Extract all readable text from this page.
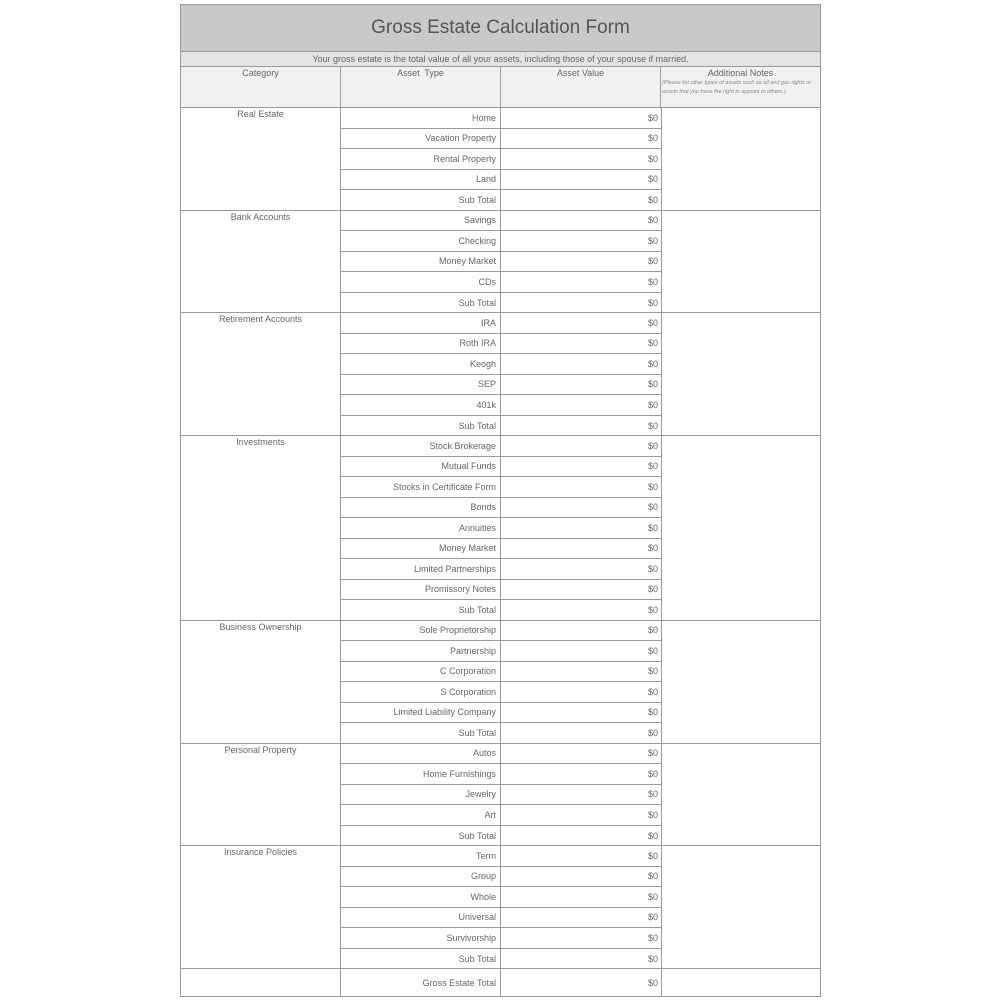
Gross Estate Calculation Form
Your gross estate is the total value of all your assets, including those of your spouse if married.
Category	Asset  Type	Asset Value	Additional Notes
(Please list other types of assets such as oil and gas rights or assets that you have the right to appoint to others.)
Real Estate	Home	$0
Vacation Property	$0
Rental Property	$0
Land	$0
Sub Total	$0
Bank Accounts	Savings	$0
Checking	$0
Money Market	$0
CDs	$0
Sub Total	$0
Retirement Accounts	IRA	$0
Roth IRA	$0
Keogh	$0
SEP	$0
401k	$0
Sub Total	$0
Investments	Stock Brokerage	$0
Mutual Funds	$0
Stocks in Certificate Form	$0
Bonds	$0
Annuities	$0
Money Market	$0
Limited Partnerships	$0
Promissory Notes	$0
Sub Total	$0
Business Ownership	Sole Proprietorship	$0
Partnership	$0
C Corporation	$0
S Corporation	$0
Limited Liability Company	$0
Sub Total	$0
Personal Property	Autos	$0
Home Furnishings	$0
Jewelry	$0
Art	$0
Sub Total	$0
Insurance Policies	Term	$0
Group	$0
Whole	$0
Universal	$0
Survivorship	$0
Sub Total	$0
Gross Estate Total	$0
